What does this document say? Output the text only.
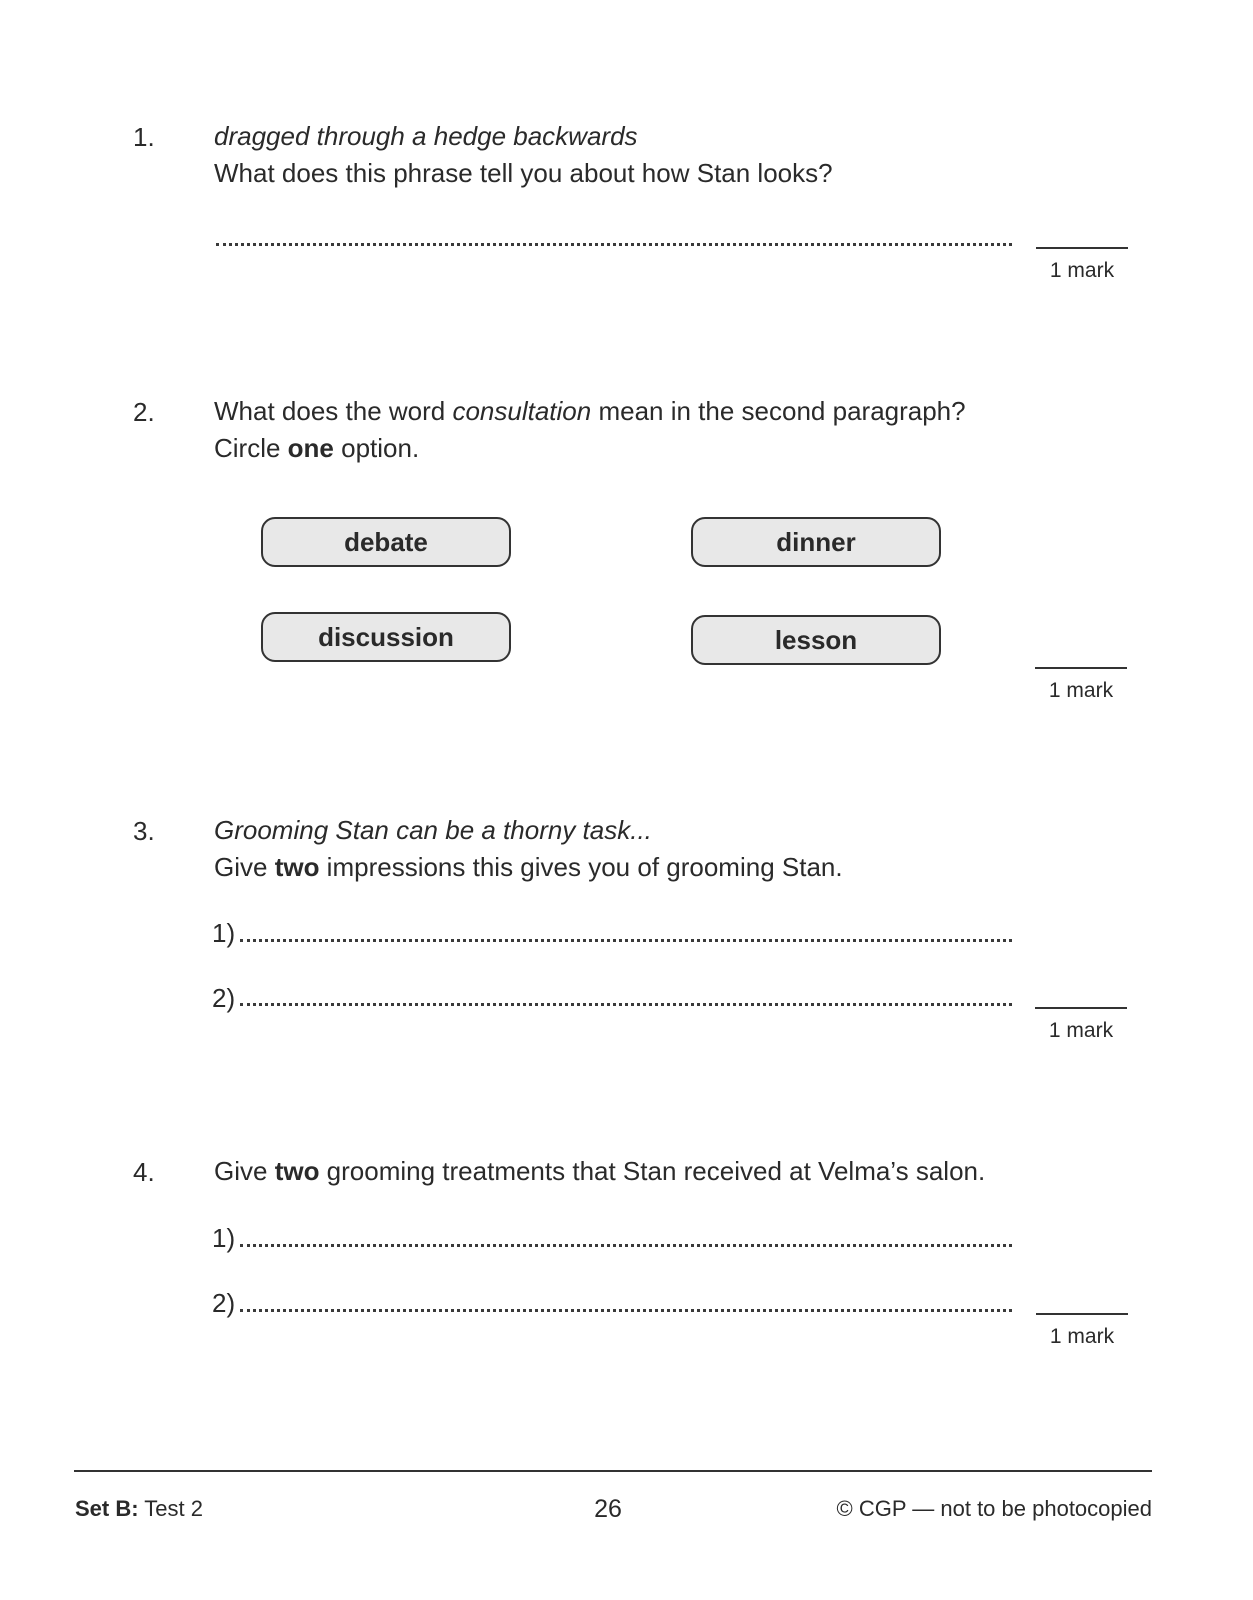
1. dragged through a hedge backwards
What does this phrase tell you about how Stan looks?
1 mark
2. What does the word consultation mean in the second paragraph?
Circle one option.
debate	dinner
discussion	lesson
1 mark
3. Grooming Stan can be a thorny task...
Give two impressions this gives you of grooming Stan.
1)
2)
1 mark
4. Give two grooming treatments that Stan received at Velma’s salon.
1)
2)
1 mark
Set B: Test 2	26	© CGP — not to be photocopied
